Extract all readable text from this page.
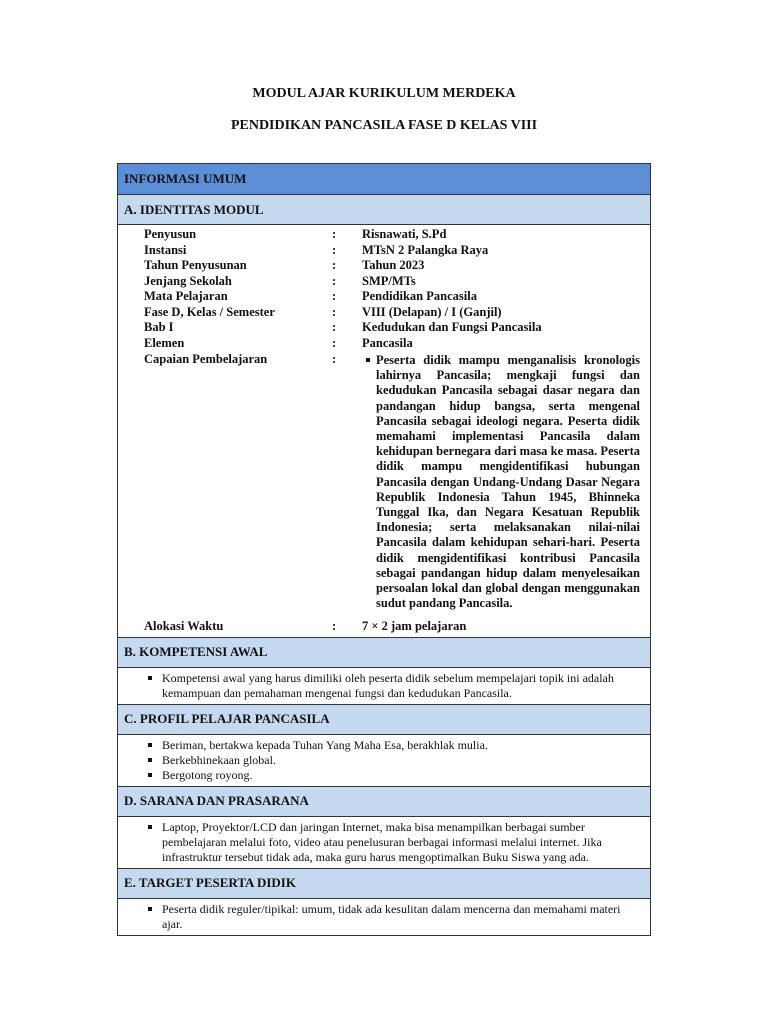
MODUL AJAR KURIKULUM MERDEKA
PENDIDIKAN PANCASILA FASE D KELAS VIII
INFORMASI UMUM
A. IDENTITAS MODUL
Penyusun	:	Risnawati, S.Pd
Instansi	:	MTsN 2 Palangka Raya
Tahun Penyusunan	:	Tahun 2023
Jenjang Sekolah	:	SMP/MTs
Mata Pelajaran	:	Pendidikan Pancasila
Fase D, Kelas / Semester	:	VIII (Delapan) / I (Ganjil)
Bab I	:	Kedudukan dan Fungsi Pancasila
Elemen	:	Pancasila
Capaian Pembelajaran	:	Peserta didik mampu menganalisis kronologis lahirnya Pancasila; mengkaji fungsi dan kedudukan Pancasila sebagai dasar negara dan pandangan hidup bangsa, serta mengenal Pancasila sebagai ideologi negara. Peserta didik memahami implementasi Pancasila dalam kehidupan bernegara dari masa ke masa. Peserta didik mampu mengidentifikasi hubungan Pancasila dengan Undang-Undang Dasar Negara Republik Indonesia Tahun 1945, Bhinneka Tunggal Ika, dan Negara Kesatuan Republik Indonesia; serta melaksanakan nilai-nilai Pancasila dalam kehidupan sehari-hari. Peserta didik mengidentifikasi kontribusi Pancasila sebagai pandangan hidup dalam menyelesaikan persoalan lokal dan global dengan menggunakan sudut pandang Pancasila.
Alokasi Waktu	:	7 × 2 jam pelajaran
B. KOMPETENSI AWAL
Kompetensi awal yang harus dimiliki oleh peserta didik sebelum mempelajari topik ini adalah kemampuan dan pemahaman mengenai fungsi dan kedudukan Pancasila.
C. PROFIL PELAJAR PANCASILA
Beriman, bertakwa kepada Tuhan Yang Maha Esa, berakhlak mulia.
Berkebhinekaan global.
Bergotong royong.
D. SARANA DAN PRASARANA
Laptop, Proyektor/LCD dan jaringan Internet, maka bisa menampilkan berbagai sumber pembelajaran melalui foto, video atau penelusuran berbagai informasi melalui internet. Jika infrastruktur tersebut tidak ada, maka guru harus mengoptimalkan Buku Siswa yang ada.
E. TARGET PESERTA DIDIK
Peserta didik reguler/tipikal: umum, tidak ada kesulitan dalam mencerna dan memahami materi ajar.
